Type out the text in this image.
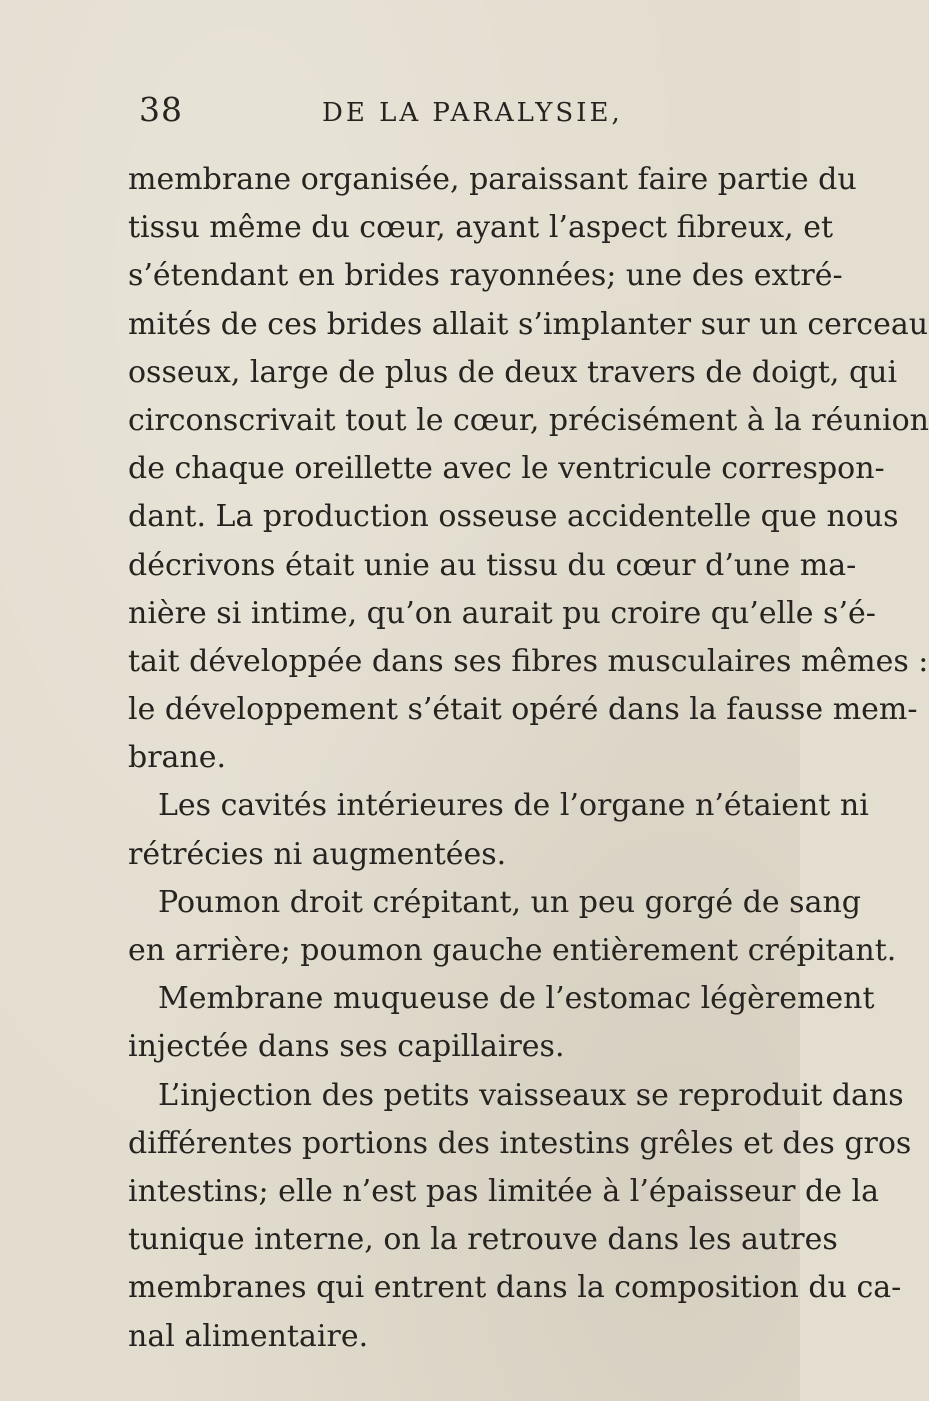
38	DE LA PARALYSIE,
membrane organisée, paraissant faire partie du
tissu même du cœur, ayant l’aspect fibreux, et
s’étendant en brides rayonnées; une des extré-
mités de ces brides allait s’implanter sur un cerceau
osseux, large de plus de deux travers de doigt, qui
circonscrivait tout le cœur, précisément à la réunion
de chaque oreillette avec le ventricule correspon-
dant. La production osseuse accidentelle que nous
décrivons était unie au tissu du cœur d’une ma-
nière si intime, qu’on aurait pu croire qu’elle s’é-
tait développée dans ses fibres musculaires mêmes :
le développement s’était opéré dans la fausse mem-
brane.
Les cavités intérieures de l’organe n’étaient ni
rétrécies ni augmentées.
Poumon droit crépitant, un peu gorgé de sang
en arrière; poumon gauche entièrement crépitant.
Membrane muqueuse de l’estomac légèrement
injectée dans ses capillaires.
L’injection des petits vaisseaux se reproduit dans
différentes portions des intestins grêles et des gros
intestins; elle n’est pas limitée à l’épaisseur de la
tunique interne, on la retrouve dans les autres
membranes qui entrent dans la composition du ca-
nal alimentaire.
